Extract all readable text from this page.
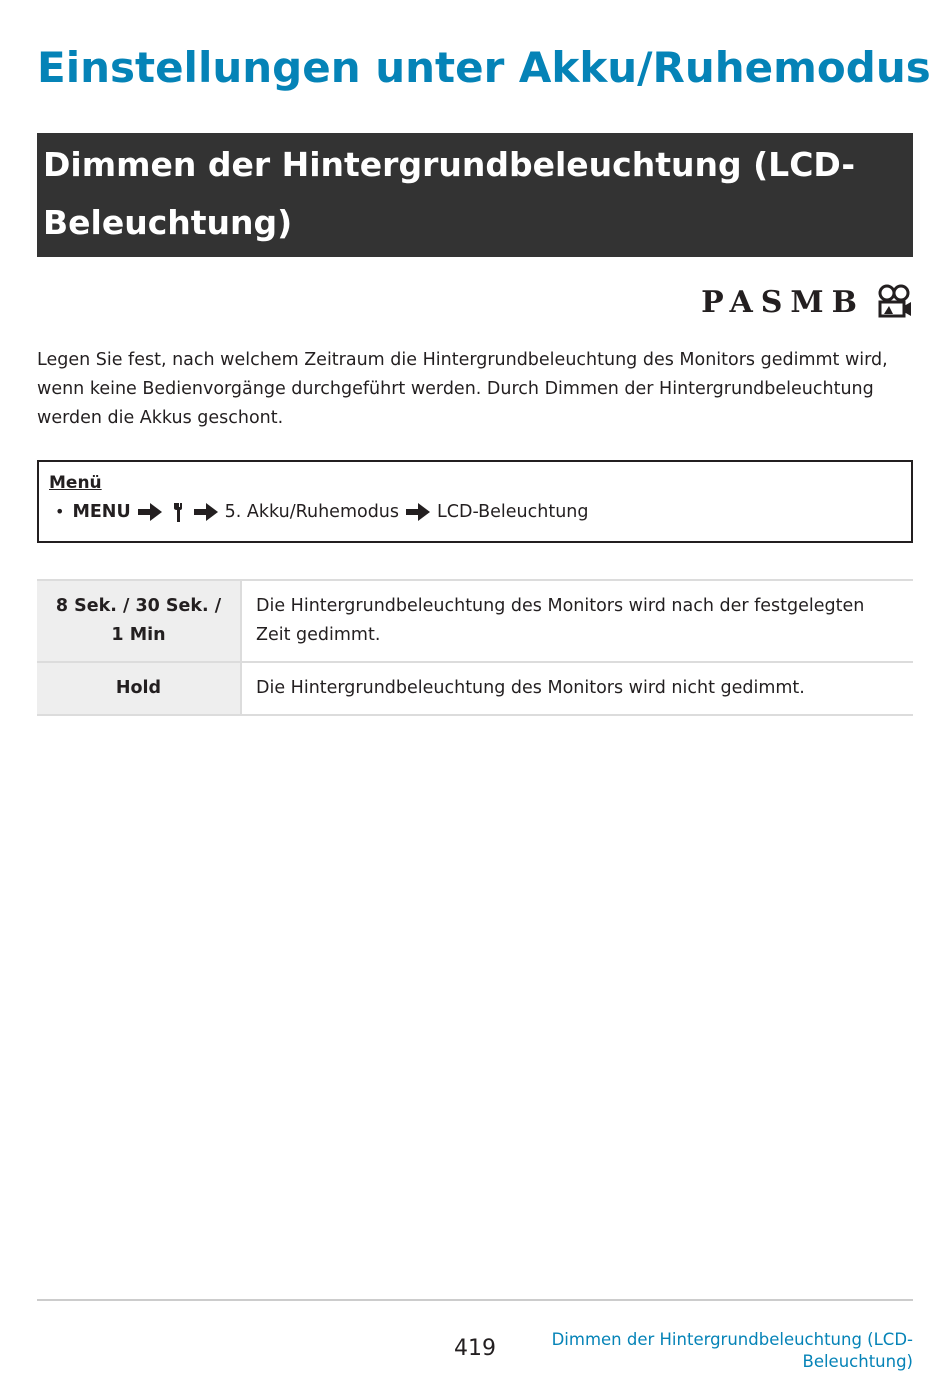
Einstellungen unter Akku/Ruhemodus
Dimmen der Hintergrundbeleuchtung (LCD-Beleuchtung)
PASMB

Legen Sie fest, nach welchem Zeitraum die Hintergrundbeleuchtung des Monitors gedimmt wird, wenn keine Bedienvorgänge durchgeführt werden. Durch Dimmen der Hintergrundbeleuchtung werden die Akkus geschont.

Menü
• MENU	5. Akku/Ruhemodus LCD-Beleuchtung
8 Sek. / 30 Sek. / 1 Min	Die Hintergrundbeleuchtung des Monitors wird nach der festgelegten Zeit gedimmt.
Hold	Die Hintergrundbeleuchtung des Monitors wird nicht gedimmt.
419	Dimmen der Hintergrundbeleuchtung (LCD-Beleuchtung)
